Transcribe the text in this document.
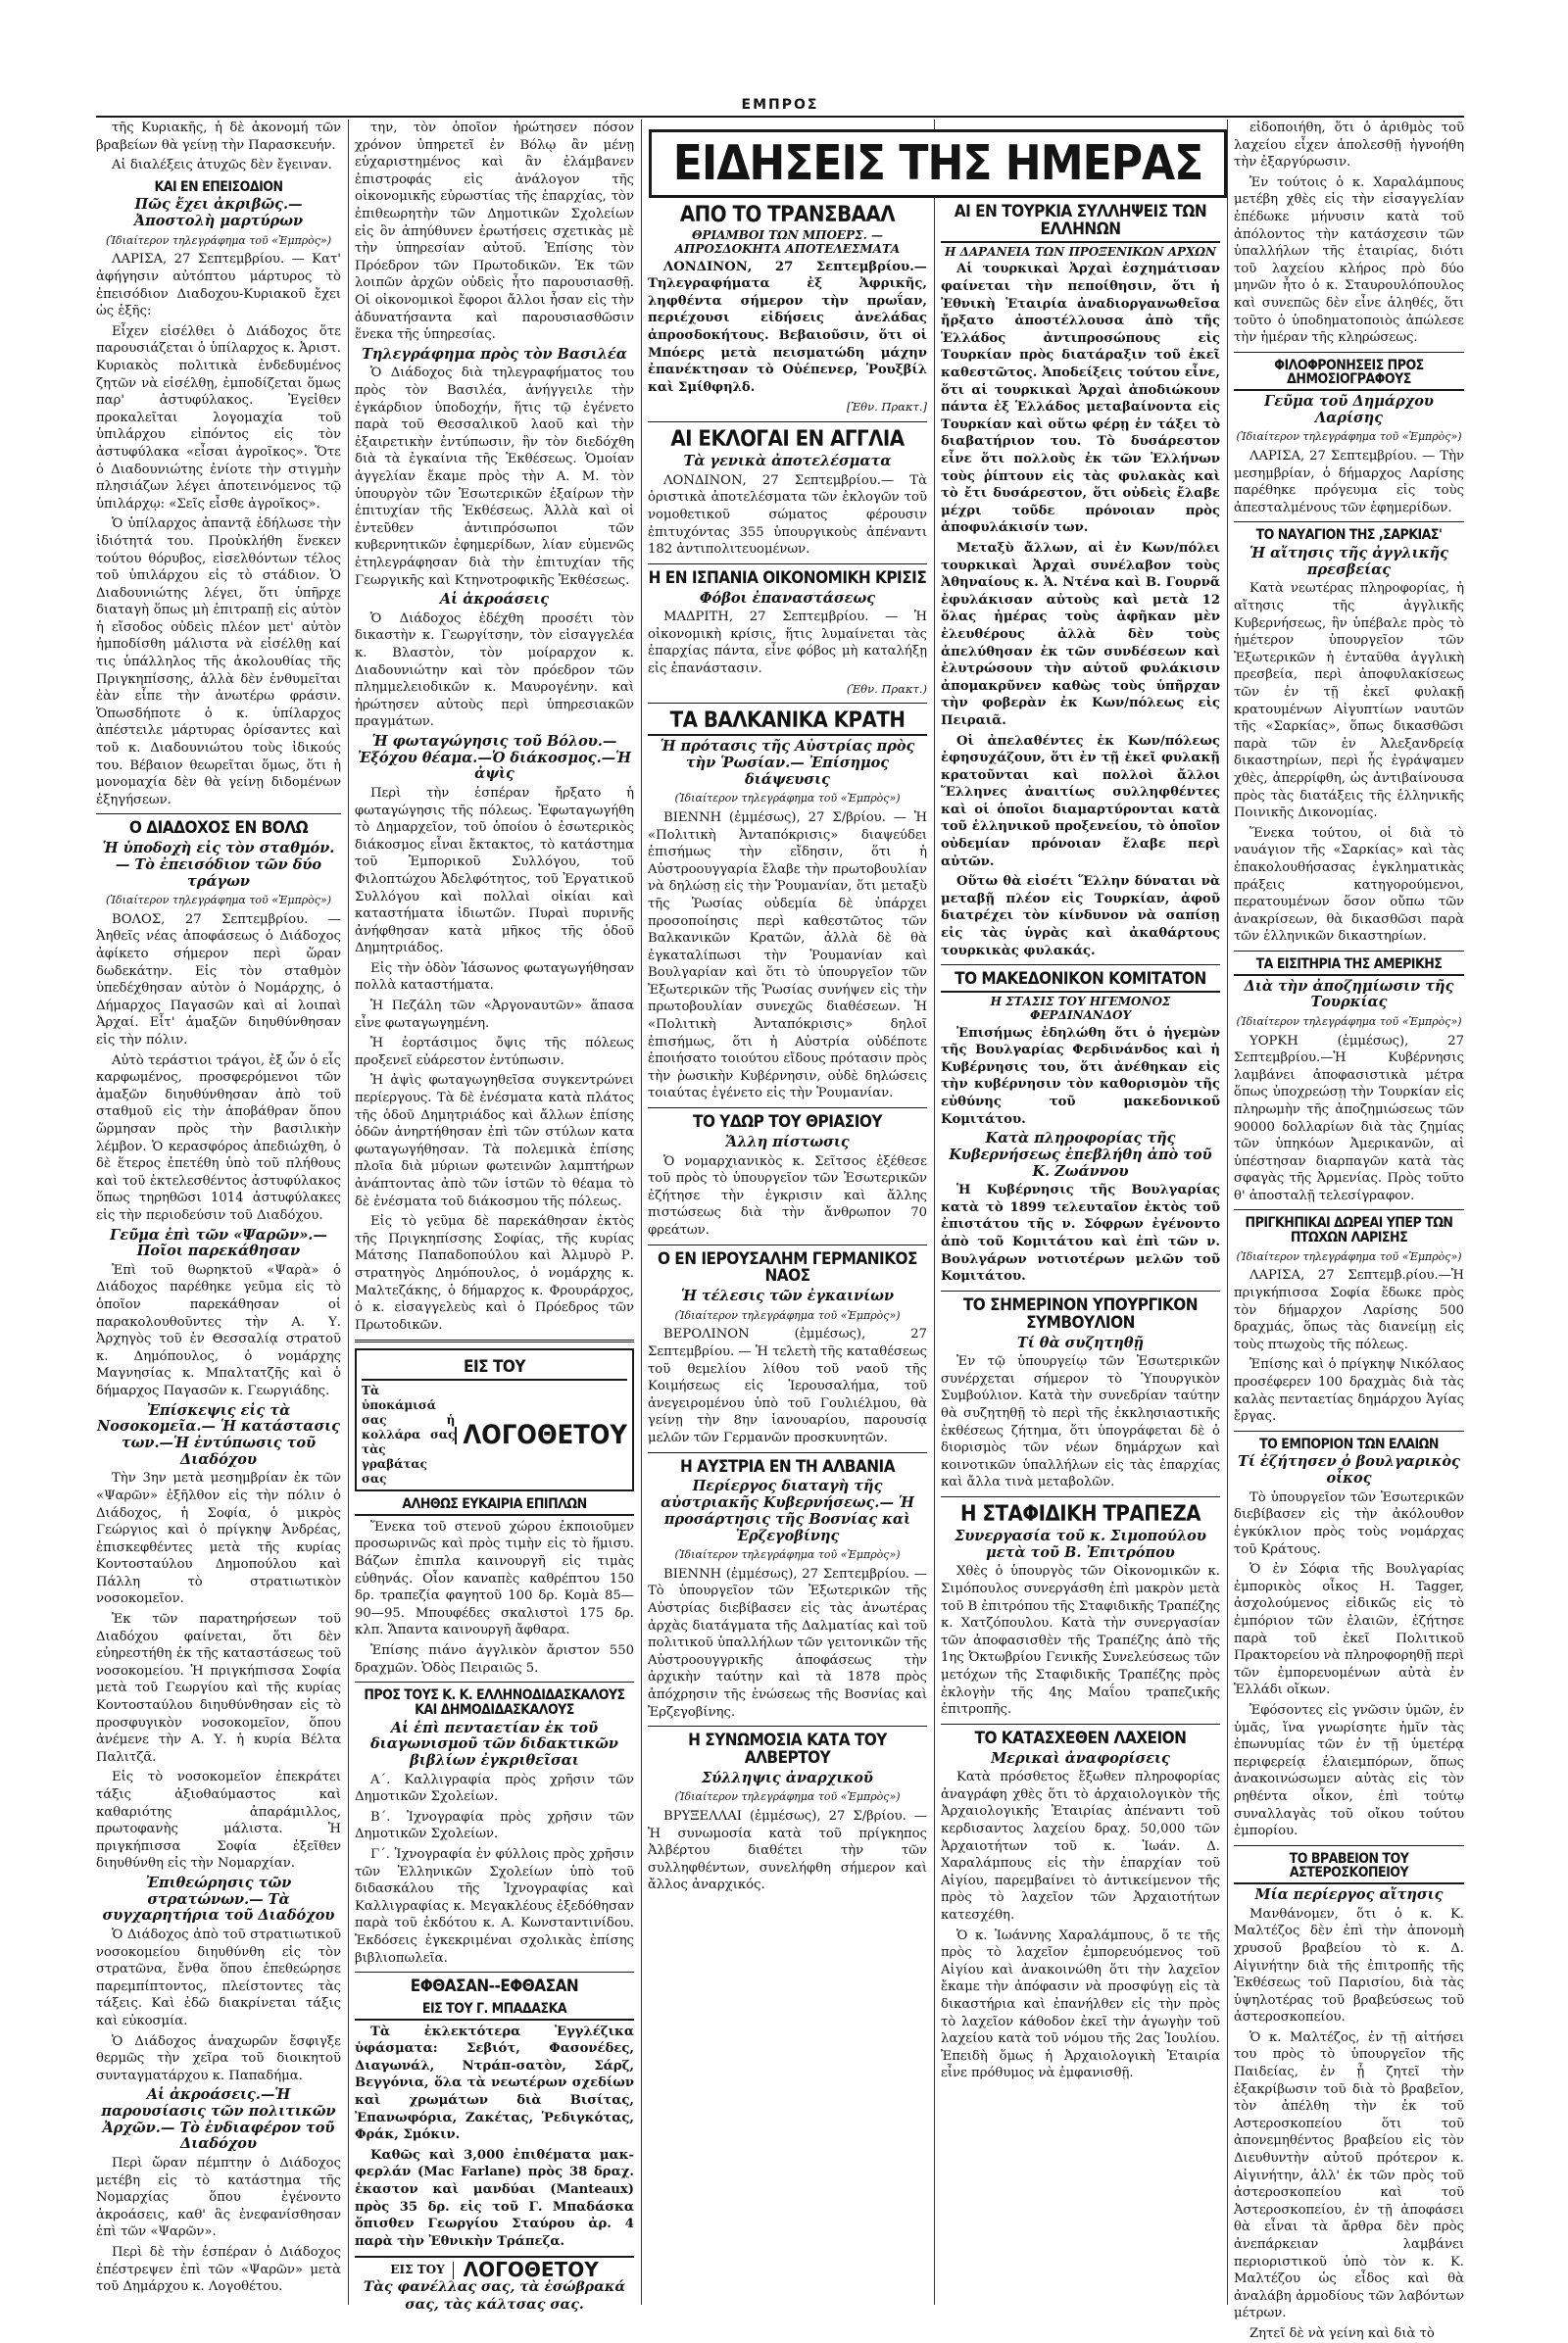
ΕΜΠΡΟΣ

τῆς Κυριακῆς, ἡ δὲ ἀκονομή τῶν βραβείων θὰ γείνῃ τὴν Παρασκευήν.

Αἱ διαλέξεις ἀτυχῶς δὲν ἔγειναν.

ΚΑΙ ΕΝ ΕΠΕΙΣΟΔΙΟΝ
Πῶς ἔχει ἀκριβῶς.—Ἀποστολὴ μαρτύρων
(Ἰδιαίτερον τηλεγράφημα τοῦ «Ἐμπρὸς»)

ΛΑΡΙΣΑ, 27 Σεπτεμβρίου. — Κατ' ἀφήγησιν αὐτόπτου μάρτυρος τὸ ἐπεισόδιον Διαδοχου-Κυριακοῦ ἔχει ὡς ἑξῆς:

Εἶχεν εἰσέλθει ὁ Διάδοχος ὅτε παρουσιάζεται ὁ ὑπίλαρχος κ. Ἀριστ. Κυριακὸς πολιτικὰ ἐνδεδυμένος ζητῶν νὰ εἰσέλθῃ, ἐμποδίζεται ὅμως παρ' ἀστυφύλακος. Ἐγεἰθεν προκαλεῖται λογομαχία τοῦ ὑπιλάρχου εἰπόντος εἰς τὸν ἀστυφύλακα «εἶσαι ἀγροῖκος». Ὅτε ὁ Διαδουνιώτης ἐνίοτε τὴν στιγμὴν πλησιάζων λέγει ἀποτεινόμενος τῷ ὑπιλάρχῳ: «Σεῖς εἶσθε ἀγροῖκος».

Ὁ ὑπίλαρχος ἀπαντᾷ ἐδήλωσε τὴν ἰδιότητά του. Προὐκλήθη ἕνεκεν τούτου θόρυβος, εἰσελθόντων τέλος τοῦ ὑπιλάρχου εἰς τὸ στάδιον. Ὁ Διαδουνιώτης λέγει, ὅτι ὑπῆρχε διαταγὴ ὅπως μὴ ἐπιτραπῇ εἰς αὐτὸν ἡ εἴσοδος οὐδεὶς πλέον μετ' αὐτὸν ἠμποδίσθη μάλιστα νὰ εἰσέλθῃ καί τις ὑπάλληλος τῆς ἀκολουθίας τῆς Πριγκηπίσσης, ἀλλὰ δὲν ἐνθυμεῖται ἐὰν εἶπε τὴν ἀνωτέρω φράσιν. Ὁπωσδήποτε ὁ κ. ὑπίλαρχος ἀπέστειλε μάρτυρας ὁρίσαντες καὶ τοῦ κ. Διαδουνιώτου τοὺς ἰδικούς του. Βέβαιον θεωρεῖται ὅμως, ὅτι ἡ μονομαχία δὲν θὰ γείνῃ διδομένων ἐξηγήσεων.

Ο ΔΙΑΔΟΧΟΣ ΕΝ ΒΟΛΩ
Ἡ ὑποδοχὴ εἰς τὸν σταθμόν.— Τὸ ἐπεισόδιον τῶν δύο τράγων
(Ἰδιαίτερον τηλεγράφημα τοῦ «Ἐμπρὸς»)

ΒΟΛΟΣ, 27 Σεπτεμβρίου. — Ἀηθεῖς νέας ἀποφάσεως ὁ Διάδοχος ἀφίκετο σήμερον περὶ ὥραν δωδεκάτην. Εἰς τὸν σταθμὸν ὑπεδέχθησαν αὐτὸν ὁ Νομάρχης, ὁ Δήμαρχος Παγασῶν καὶ αἱ λοιπαὶ Ἀρχαί. Εἶτ' ἁμαξῶν διηυθύνθησαν εἰς τὴν πόλιν.

Αὐτὸ τεράστιοι τράγοι, ἐξ ὧν ὁ εἷς καρφωμένος, προσφερόμενοι τῶν ἁμαξῶν διηυθύνθησαν ἀπὸ τοῦ σταθμοῦ εἰς τὴν ἀποβάθραν ὅπου ὥρμησαν πρὸς τὴν βασιλικὴν λέμβον. Ὁ κερασφόρος ἀπεδιώχθη, ὁ δὲ ἕτερος ἐπετέθη ὑπὸ τοῦ πλήθους καὶ τοῦ ἐκτελεσθέντος ἀστυφύλακος ὅπως τηρηθῶσι 1014 ἀστυφύλακες εἰς τὴν περιοδεύσιν τοῦ Διαδόχου.

Γεῦμα ἐπὶ τῶν «Ψαρῶν».— Ποῖοι παρεκάθησαν

Ἐπὶ τοῦ θωρηκτοῦ «Ψαρὰ» ὁ Διάδοχος παρέθηκε γεῦμα εἰς τὸ ὁποῖον παρεκάθησαν οἱ παρακολουθοῦντες τὴν Α. Υ. Ἀρχηγὸς τοῦ ἐν Θεσσαλίᾳ στρατοῦ κ. Δημόπουλος, ὁ νομάρχης Μαγνησίας κ. Μπαλτατζῆς καὶ ὁ δήμαρχος Παγασῶν κ. Γεωργιάδης.

Ἐπίσκεψις εἰς τὰ Νοσοκομεῖα.— Ἡ κατάστασις των.—Ἡ ἐντύπωσις τοῦ Διαδόχου

Τὴν 3ην μετὰ μεσημβρίαν ἐκ τῶν «Ψαρῶν» ἐξῆλθον εἰς τὴν πόλιν ὁ Διάδοχος, ἡ Σοφία, ὁ μικρὸς Γεώργιος καὶ ὁ πρίγκηψ Ἀνδρέας, ἐπισκεφθέντες μετὰ τῆς κυρίας Κοντοσταύλου Δημοπούλου καὶ Πάλλη τὸ στρατιωτικὸν νοσοκομεῖον.

Ἐκ τῶν παρατηρήσεων τοῦ Διαδόχου φαίνεται, ὅτι δὲν εὐηρεστήθη ἐκ τῆς καταστάσεως τοῦ νοσοκομείου. Ἡ πριγκήπισσα Σοφία μετὰ τοῦ Γεωργίου καὶ τῆς κυρίας Κοντοσταύλου διηυθύνθησαν εἰς τὸ προσφυγικὸν νοσοκομεῖον, ὅπου ἀνέμενε τὴν Α. Υ. ἡ κυρία Βέλτα Παλιτζᾶ.

Εἰς τὸ νοσοκομεῖον ἐπεκράτει τάξις ἀξιοθαύμαστος καὶ καθαριότης ἀπαράμιλλος, πρωτοφανὴς μάλιστα. Ἡ πριγκήπισσα Σοφία ἐξεῖθεν διηυθύνθη εἰς τὴν Νομαρχίαν.

Ἐπιθεώρησις τῶν στρατώνων.— Τὰ συγχαρητήρια τοῦ Διαδόχου

Ὁ Διάδοχος ἀπὸ τοῦ στρατιωτικοῦ νοσοκομείου διηυθύνθη εἰς τὸν στρατῶνα, ἔνθα ὅπου ἐπεθεώρησε παρεμπίπτοντος, πλείστοντες τὰς τάξεις. Καὶ ἐδῶ διακρίνεται τάξις καὶ εὐκοσμία.

Ὁ Διάδοχος ἀναχωρῶν ἔσφιγξε θερμῶς τὴν χεῖρα τοῦ διοικητοῦ συνταγματάρχου κ. Παπαδήμα.

Αἱ ἀκροάσεις.—Ἡ παρουσίασις τῶν πολιτικῶν Ἀρχῶν.— Τὸ ἐνδιαφέρον τοῦ Διαδόχου

Περὶ ὥραν πέμπτην ὁ Διάδοχος μετέβη εἰς τὸ κατάστημα τῆς Νομαρχίας ὅπου ἐγένοντο ἀκροάσεις, καθ' ἃς ἐνεφανίσθησαν ἐπὶ τῶν «Ψαρῶν».

Περὶ δὲ τὴν ἑσπέραν ὁ Διάδοχος ἐπέστρεψεν ἐπὶ τῶν «Ψαρῶν» μετὰ τοῦ Δημάρχου κ. Λογοθέτου.

την, τὸν ὁποῖον ἠρώτησεν πόσον χρόνον ὑπηρετεῖ ἐν Βόλῳ ἂν μένῃ εὐχαριστημένος καὶ ἂν ἐλάμβανεν ἐπιστροφάς εἰς ἀνάλογον τῆς οἰκονομικῆς εὐρωστίας τῆς ἐπαρχίας, τὸν ἐπιθεωρητὴν τῶν Δημοτικῶν Σχολείων εἰς ὃν ἀπηύθυνεν ἐρωτήσεις σχετικὰς μὲ τὴν ὑπηρεσίαν αὐτοῦ. Ἐπίσης τὸν Πρόεδρον τῶν Πρωτοδικῶν. Ἐκ τῶν λοιπῶν ἀρχῶν οὐδεὶς ἦτο παρουσιασθῇ. Οἱ οἰκονομικοὶ ἔφοροι ἄλλοι ἦσαν εἰς τὴν ἀδυνατήσαντα καὶ παρουσιασθῶσιν ἕνεκα τῆς ὑπηρεσίας.

Τηλεγράφημα πρὸς τὸν Βασιλέα

Ὁ Διάδοχος διὰ τηλεγραφήματος του πρὸς τὸν Βασιλέα, ἀνήγγειλε τὴν ἐγκάρδιον ὑποδοχήν, ἥτις τῷ ἐγένετο παρὰ τοῦ Θεσσαλικοῦ λαοῦ καὶ τὴν ἐξαιρετικὴν ἐντύπωσιν, ἣν τὸν διεδόχθη διὰ τὰ ἐγκαίνια τῆς Ἐκθέσεως. Ὁμοίαν ἀγγελίαν ἔκαμε πρὸς τὴν Α. Μ. τὸν ὑπουργὸν τῶν Ἐσωτερικῶν ἐξαίρων τὴν ἐπιτυχίαν τῆς Ἐκθέσεως. Ἀλλὰ καὶ οἱ ἐντεῦθεν ἀντιπρόσωποι τῶν κυβερνητικῶν ἐφημερίδων, λίαν εὐμενῶς ἐτηλεγράφησαν διὰ τὴν ἐπιτυχίαν τῆς Γεωργικῆς καὶ Κτηνοτροφικῆς Ἐκθέσεως.

Αἱ ἀκροάσεις

Ὁ Διάδοχος ἐδέχθη προσέτι τὸν δικαστὴν κ. Γεωργίτσην, τὸν εἰσαγγελέα κ. Βλαστὸν, τὸν μοίραρχον κ. Διαδουνιώτην καὶ τὸν πρόεδρον τῶν πλημμελειοδικῶν κ. Μαυρογένην. καὶ ἠρώτησεν αὐτοὺς περὶ ὑπηρεσιακῶν πραγμάτων.

Ἡ φωταγώγησις τοῦ Βόλου.— Ἐξόχου θέαμα.—Ὁ διάκοσμος.—Ἡ ἀψὶς

Περὶ τὴν ἑσπέραν ἤρξατο ἡ φωταγώγησις τῆς πόλεως. Ἐφωταγωγήθη τὸ Δημαρχεῖον, τοῦ ὁποίου ὁ ἐσωτερικὸς διάκοσμος εἶναι ἔκτακτος, τὸ κατάστημα τοῦ Ἐμπορικοῦ Συλλόγου, τοῦ Φιλοπτώχου Ἀδελφότητος, τοῦ Ἐργατικοῦ Συλλόγου καὶ πολλαὶ οἰκίαι καὶ καταστήματα ἰδιωτῶν. Πυραὶ πυρινῆς ἀνήφθησαν κατὰ μῆκος τῆς ὁδοῦ Δημητριάδος.

Εἰς τὴν ὁδὸν Ἰάσωνος φωταγωγήθησαν πολλὰ καταστήματα.

Ἡ Πεζάλη τῶν «Ἀργοναυτῶν» ἅπασα εἶνε φωταγωγημένη.

Ἡ ἑορτάσιμος ὄψις τῆς πόλεως προξενεῖ εὐάρεστον ἐντύπωσιν.

Ἡ ἀψὶς φωταγωγηθεῖσα συγκεντρώνει περίεργους. Τὰ δὲ ἐνέσματα κατὰ πλάτος τῆς ὁδοῦ Δημητριάδος καὶ ἄλλων ἐπίσης ὁδῶν ἀνηρτήθησαν ἐπὶ τῶν στύλων κατα φωταγωγήθησαν. Τὰ πολεμικὰ ἐπίσης πλοῖα διὰ μύριων φωτεινῶν λαμπτήρων ἀνάπτοντας ἀπὸ τῶν ἱστῶν τὸ θέαμα τὸ δὲ ἐνέσματα τοῦ διάκοσμου τῆς πόλεως.

Εἰς τὸ γεῦμα δὲ παρεκάθησαν ἐκτὸς τῆς Πριγκηπίσσης Σοφίας, τῆς κυρίας Μάτσης Παπαδοπούλου καὶ Ἀλμυρὸ Ρ. στρατηγὸς Δημόπουλος, ὁ νομάρχης κ. Μαλτεζάκης, ὁ δήμαρχος κ. Φρουράρχος, ὁ κ. εἰσαγγελεὺς καὶ ὁ Πρόεδρος τῶν Πρωτοδικῶν.

ΕΙΣ ΤΟΥ
Τὰ ὑποκάμισά σας ἡ κολλάρα σας τὰς γραβάτας σας
ΛΟΓΟΘΕΤΟΥ
ΑΛΗΘΩΣ ΕΥΚΑΙΡΙΑ ΕΠΙΠΛΩΝ

Ἕνεκα τοῦ στενοῦ χώρου ἐκποιοῦμεν προσωρινῶς καὶ πρὸς τιμὴν εἰς τὸ ἥμισυ. Βάζων ἐπιπλα καινουργῆ εἰς τιμὰς εὐθηνάς. Οἶον καναπὲς καθρέπτου 150 δρ. τραπεζία φαγητοῦ 100 δρ. Κομὰ 85—90—95. Μπουφέδες σκαλιστοὶ 175 δρ. κλπ. Ἅπαντα καινουργῆ ἄφθαρα.

Ἐπίσης πιάνο ἀγγλικὸν ἄριστον 550 δραχμῶν. Ὁδὸς Πειραιῶς 5.

ΠΡΟΣ ΤΟΥΣ Κ. Κ. ΕΛΛΗΝΟΔΙΔΑΣΚΑΛΟΥΣ ΚΑΙ ΔΗΜΟΔΙΔΑΣΚΑΛΟΥΣ
Αἱ ἐπὶ πενταετίαν ἐκ τοῦ διαγωνισμοῦ τῶν διδακτικῶν βιβλίων ἐγκριθεῖσαι

Α΄. Καλλιγραφία πρὸς χρῆσιν τῶν Δημοτικῶν Σχολείων.

Β΄. Ἰχνογραφία πρὸς χρῆσιν τῶν Δημοτικῶν Σχολείων.

Γ΄. Ἰχνογραφία ἐν φύλλοις πρὸς χρῆσιν τῶν Ἑλληνικῶν Σχολείων ὑπὸ τοῦ διδασκάλου τῆς Ἰχνογραφίας καὶ Καλλιγραφίας κ. Μεγακλέους ἐξεδόθησαν παρὰ τοῦ ἐκδότου κ. Α. Κωνσταντινίδου. Ἐκδόσεις ἐγκεκριμέναι σχολικὰς ἐπίσης βιβλιοπωλεῖα.

ΕΦΘΑΣΑΝ--ΕΦΘΑΣΑΝ
ΕΙΣ ΤΟΥ Γ. ΜΠΑΔΑΣΚΑ

Τὰ ἐκλεκτότερα Ἐγγλέζικα ὑφάσματα: Σεβιότ, Φασονέδες, Διαγωνάλ, Ντράπ-σατὸν, Σάρζ, Βεγγόνια, ὅλα τὰ νεωτέρων σχεδίων καὶ χρωμάτων διὰ Βισίτας, Ἐπανωφόρια, Ζακέτας, Ῥεδιγκότας, Φράκ, Σμόκιν.

Καθῶς καὶ 3,000 ἐπιθέματα μακ-φερλάν (Mac Farlane) πρὸς 38 δραχ. ἑκαστον καὶ μανδύαι (Manteaux) πρὸς 35 δρ. εἰς τοῦ Γ. Μπαδάσκα ὅπισθεν Γεωργίου Σταύρου ἀρ. 4 παρὰ τὴν Ἐθνικὴν Τράπεζα.

ΕΙΣ ΤΟΥ ΛΟΓΟΘΕΤΟΥ

Τὰς φανέλλας σας, τὰ ἐσώβρακά σας, τὰς κάλτσας σας.

ΕΙΔΗΣΕΙΣ ΤΗΣ ΗΜΕΡΑΣ
ΑΠΟ ΤΟ ΤΡΑΝΣΒΑΑΛ
ΘΡΙΑΜΒΟΙ ΤΩΝ ΜΠΟΕΡΣ. — ΑΠΡΟΣΔΟΚΗΤΑ ΑΠΟΤΕΛΕΣΜΑΤΑ

ΛΟΝΔΙΝΟΝ, 27 Σεπτεμβρίου.— Τηλεγραφήματα ἐξ Ἀφρικῆς, ληφθέντα σήμερον τὴν πρωΐαν, περιέχουσι εἰδήσεις ἀνελάδας ἀπροσδοκήτους. Βεβαιοῦσιν, ὅτι οἱ Μπόερς μετὰ πεισματώδη μάχην ἐπανέκτησαν τὸ Οὐέπενερ, Ῥουξβίλ καὶ Σμίθφηλδ.

[Ἐθν. Πρακτ.]
ΑΙ ΕΚΛΟΓΑΙ ΕΝ ΑΓΓΛΙΑ
Τὰ γενικὰ ἀποτελέσματα

ΛΟΝΔΙΝΟΝ, 27 Σεπτεμβρίου.— Τὰ ὁριστικὰ ἀποτελέσματα τῶν ἐκλογῶν τοῦ νομοθετικοῦ σώματος φέρουσιν ἐπιτυχόντας 355 ὑπουργικοὺς ἀπέναντι 182 ἀντιπολιτευομένων.

Η ΕΝ ΙΣΠΑΝΙΑ ΟΙΚΟΝΟΜΙΚΗ ΚΡΙΣΙΣ
Φόβοι ἐπαναστάσεως

ΜΑΔΡΙΤΗ, 27 Σεπτεμβρίου. — Ἡ οἰκονομικὴ κρίσις, ἥτις λυμαίνεται τὰς ἐπαρχίας πάντα, εἶνε φόβος μὴ καταλήξῃ εἰς ἐπανάστασιν.

(Ἐθν. Πρακτ.)
ΤΑ ΒΑΛΚΑΝΙΚΑ ΚΡΑΤΗ
Ἡ πρότασις τῆς Αὐστρίας πρὸς τὴν Ῥωσίαν.— Ἐπίσημος διάψευσις
(Ἰδιαίτερον τηλεγράφημα τοῦ «Ἐμπρὸς»)

ΒΙΕΝΝΗ (ἐμμέσως), 27 Σ/βρίου. — Ἡ «Πολιτικὴ Ἀνταπόκρισις» διαψεύδει ἐπισήμως τὴν εἴδησιν, ὅτι ἡ Αὐστροουγγαρία ἔλαβε τὴν πρωτοβουλίαν νὰ δηλώσῃ εἰς τὴν Ῥουμανίαν, ὅτι μεταξὺ τῆς Ῥωσίας οὐδεμία δὲ ὑπάρχει προσοποίησις περὶ καθεστῶτος τῶν Βαλκανικῶν Κρατῶν, ἀλλὰ δὲ θὰ ἐγκαταλίπωσι τὴν Ῥουμανίαν καὶ Βουλγαρίαν καὶ ὅτι τὸ ὑπουργεῖον τῶν Ἐξωτερικῶν τῆς Ῥωσίας συνήψεν εἰς τὴν πρωτοβουλίαν συνεχῶς διαθέσεων. Ἡ «Πολιτικὴ Ἀνταπόκρισις» δηλοῖ ἐπισήμως, ὅτι ἡ Αὐστρία οὐδέποτε ἐποιήσατο τοιούτου εἴδους πρότασιν πρὸς τὴν ῥωσικὴν Κυβέρνησιν, οὐδὲ δηλώσεις τοιαύτας ἐγένετο εἰς τὴν Ῥουμανίαν.

ΤΟ ΥΔΩΡ ΤΟΥ ΘΡΙΑΣΙΟΥ
Ἄλλη πίστωσις

Ὁ νομαρχιανικὸς κ. Σεῖτσος ἐξέθεσε τοῦ πρὸς τὸ ὑπουργεῖον τῶν Ἐσωτερικῶν ἐζήτησε τὴν ἐγκρισιν καὶ ἄλλης πιστώσεως διὰ τὴν ἄνθρωπον 70 φρεάτων.

Ο ΕΝ ΙΕΡΟΥΣΑΛΗΜ ΓΕΡΜΑΝΙΚΟΣ ΝΑΟΣ
Ἡ τέλεσις τῶν ἐγκαινίων
(Ἰδιαίτερον τηλεγράφημα τοῦ «Ἐμπρὸς»)

ΒΕΡΟΛΙΝΟΝ (ἐμμέσως), 27 Σεπτεμβρίου. — Ἡ τελετὴ τῆς καταθέσεως τοῦ θεμελίου λίθου τοῦ ναοῦ τῆς Κοιμήσεως εἰς Ἱερουσαλήμα, τοῦ ἀνεγειρομένου ὑπὸ τοῦ Γουλιέλμου, θὰ γείνῃ τὴν 8ην ἰανουαρίου, παρουσίᾳ μελῶν τῶν Γερμανῶν προσκυνητῶν.

Η ΑΥΣΤΡΙΑ ΕΝ ΤΗ ΑΛΒΑΝΙΑ
Περίεργος διαταγὴ τῆς αὐστριακῆς Κυβερνήσεως.— Ἡ προσάρτησις τῆς Βοσνίας καὶ Ἐρζεγοβίνης
(Ἰδιαίτερον τηλεγράφημα τοῦ «Ἐμπρὸς»)

ΒΙΕΝΝΗ (ἐμμέσως), 27 Σεπτεμβρίου. —Τὸ ὑπουργεῖον τῶν Ἐξωτερικῶν τῆς Αὐστρίας διεβίβασεν εἰς τὰς ἀνωτέρας ἀρχὰς διατάγματα τῆς Δαλματίας καὶ τοῦ πολιτικοῦ ὑπαλλήλων τῶν γειτονικῶν τῆς Αὐστροουγγρικῆς ἀποφάσεως τὴν ἀρχικὴν ταύτην καὶ τὰ 1878 πρὸς ἀπόχρησιν τῆς ἐνώσεως τῆς Βοσνίας καὶ Ἐρζεγοβίνης.

Η ΣΥΝΩΜΟΣΙΑ ΚΑΤΑ ΤΟΥ ΑΛΒΕΡΤΟΥ
Σύλληψις ἀναρχικοῦ
(Ἰδιαίτερον τηλεγράφημα τοῦ «Ἐμπρὸς»)

ΒΡΥΞΕΛΛΑΙ (ἐμμέσως), 27 Σ/βρίου. — Ἡ συνωμοσία κατὰ τοῦ πρίγκηπος Ἀλβέρτου διαθέτει τὴν τῶν συλληφθέντων, συνελήφθη σήμερον καὶ ἄλλος ἀναρχικός.

ΑΙ ΕΝ ΤΟΥΡΚΙΑ ΣΥΛΛΗΨΕΙΣ ΤΩΝ ΕΛΛΗΝΩΝ
Η ΔΑΡΑΝΕΙΑ ΤΩΝ ΠΡΟΞΕΝΙΚΩΝ ΑΡΧΩΝ

Αἱ τουρκικαὶ Ἀρχαὶ ἐσχημάτισαν φαίνεται τὴν πεποίθησιν, ὅτι ἡ Ἐθνικὴ Ἑταιρία ἀναδιοργανωθεῖσα ἤρξατο ἀποστέλλουσα ἀπὸ τῆς Ἑλλάδος ἀντιπροσώπους εἰς Τουρκίαν πρὸς διατάραξιν τοῦ ἐκεῖ καθεστῶτος. Ἀποδείξεις τούτου εἶνε, ὅτι αἱ τουρκικαὶ Ἀρχαὶ ἀποδιώκουν πάντα ἐξ Ἑλλάδος μεταβαίνοντα εἰς Τουρκίαν καὶ οὕτω φέρῃ ἐν τάξει τὸ διαβατήριον του. Τὸ δυσάρεστον εἶνε ὅτι πολλοὺς ἐκ τῶν Ἑλλήνων τοὺς ῥίπτουν εἰς τὰς φυλακὰς καὶ τὸ ἔτι δυσάρεστον, ὅτι οὐδεὶς ἔλαβε μέχρι τοῦδε πρόνοιαν πρὸς ἀποφυλάκισίν των.

Μεταξὺ ἄλλων, αἱ ἐν Κων/πόλει τουρκικαὶ Ἀρχαὶ συνέλαβον τοὺς Ἀθηναίους κ. Ἀ. Ντένα καὶ Β. Γουρνᾶ ἐφυλάκισαν αὐτοὺς καὶ μετὰ 12 ὅλας ἡμέρας τοὺς ἀφῆκαν μὲν ἐλευθέρους ἀλλὰ δὲν τοὺς ἀπελύθησαν ἐκ τῶν συνδέσεων καὶ ἐλυτρώσουν τὴν αὐτοῦ φυλάκισιν ἀπομακρῦνεν καθὼς τοὺς ὑπῆρχαν τὴν φοβερὰν ἐκ Κων/πόλεως εἰς Πειραιᾶ.

Οἱ ἀπελαθέντες ἐκ Κων/πόλεως ἐφησυχάζουν, ὅτι ἐν τῇ ἐκεῖ φυλακῇ κρατοῦνται καὶ πολλοὶ ἄλλοι Ἕλληνες ἀναιτίως συλληφθέντες καὶ οἱ ὁποῖοι διαμαρτύρονται κατὰ τοῦ ἑλληνικοῦ προξενείου, τὸ ὁποῖον οὐδεμίαν πρόνοιαν ἔλαβε περὶ αὐτῶν.

Οὕτω θὰ εἰσέτι Ἕλλην δύναται νὰ μεταβῇ πλέον εἰς Τουρκίαν, ἀφοῦ διατρέχει τὸν κίνδυνον νὰ σαπίσῃ εἰς τὰς ὑγρὰς καὶ ἀκαθάρτους τουρκικὰς φυλακάς.

ΤΟ ΜΑΚΕΔΟΝΙΚΟΝ ΚΟΜΙΤΑΤΟΝ
Η ΣΤΑΣΙΣ ΤΟΥ ΗΓΕΜΟΝΟΣ ΦΕΡΔΙΝΑΝΔΟΥ

Ἐπισήμως ἐδηλώθη ὅτι ὁ ἡγεμὼν τῆς Βουλγαρίας Φερδινάνδος καὶ ἡ Κυβέρνησις του, ὅτι ἀνέθηκαν εἰς τὴν κυβέρνησιν τὸν καθορισμὸν τῆς εὐθύνης τοῦ μακεδονικοῦ Κομιτάτου.

Κατὰ πληροφορίας τῆς Κυβερνήσεως ἐπεβλήθη ἀπὸ τοῦ Κ. Ζωάννου

Ἡ Κυβέρνησις τῆς Βουλγαρίας κατὰ τὸ 1899 τελευταῖον ἐκτὸς τοῦ ἐπιστάτου τῆς ν. Σόφρων ἐγένοντο ἀπὸ τοῦ Κομιτάτου καὶ ἐπὶ τῶν ν. Βουλγάρων νοτιοτέρων μελῶν τοῦ Κομιτάτου.

ΤΟ ΣΗΜΕΡΙΝΟΝ ΥΠΟΥΡΓΙΚΟΝ ΣΥΜΒΟΥΛΙΟΝ
Τί θὰ συζητηθῇ

Ἐν τῷ ὑπουργείῳ τῶν Ἐσωτερικῶν συνέρχεται σήμερον τὸ Ὑπουργικὸν Συμβούλιον. Κατὰ τὴν συνεδρίαν ταύτην θὰ συζητηθῇ τὸ περὶ τῆς ἐκκλησιαστικῆς ἐκθέσεως ζήτημα, ὅτι ὑπογράφεται δὲ ὁ διορισμὸς τῶν νέων δημάρχων καὶ κοινοτικῶν ὑπαλλήλων εἰς τὰς ἐπαρχίας καὶ ἄλλα τινὰ μεταβολῶν.

Η ΣΤΑΦΙΔΙΚΗ ΤΡΑΠΕΖΑ
Συνεργασία τοῦ κ. Σιμοπούλου μετὰ τοῦ Β. Ἐπιτρόπου

Χθὲς ὁ ὑπουργὸς τῶν Οἰκονομικῶν κ. Σιμόπουλος συνεργάσθη ἐπὶ μακρὸν μετὰ τοῦ Β ἐπιτρόπου τῆς Σταφιδικῆς Τραπέζης κ. Χατζόπουλου. Κατὰ τὴν συνεργασίαν τῶν ἀποφασισθὲν τῆς Τραπέζης ἀπὸ τῆς 1ης Ὀκτωβρίου Γενικῆς Συνελεύσεως τῶν μετόχων τῆς Σταφιδικῆς Τραπέζης πρὸς ἐκλογὴν τῆς 4ης Μαΐου τραπεζικῆς ἐπιτροπῆς.

ΤΟ ΚΑΤΑΣΧΕΘΕΝ ΛΑΧΕΙΟΝ
Μερικαὶ ἀναφορίσεις

Κατὰ πρόσθετος ἔξωθεν πληροφορίας ἀναγράφη χθὲς ὅτι τὸ ἀρχαιολογικὸν τῆς Ἀρχαιολογικῆς Ἑταιρίας ἀπέναντι τοῦ κερδισαντος λαχείου δραχ. 50,000 τῶν Ἀρχαιοτήτων τοῦ κ. Ἰωάν. Δ. Χαραλάμπους εἰς τὴν ἐπαρχίαν τοῦ Αἰγίου, παρεμβαίνει τὸ ἀντικείμενον τῆς πρὸς τὸ λαχεῖον τῶν Ἀρχαιοτήτων κατεσχέθη.

Ὁ κ. Ἰωάννης Χαραλάμπους, ὅ τε τῆς πρὸς τὸ λαχεῖον ἐμπορευόμενος τοῦ Αἰγίου καὶ ἀνακοινώθη ὅτι τὴν λαχεῖον ἔκαμε τὴν ἀπόφασιν νὰ προσφύγῃ εἰς τὰ δικαστήρια καὶ ἐπανήλθεν εἰς τὴν πρὸς τὸ λαχεῖον κάθοδον ἐκεῖ τὴν ἀγωγὴν τοῦ λαχείου κατὰ τοῦ νόμου τῆς 2ας Ἰουλίου. Ἐπειδὴ ὅμως ἡ Ἀρχαιολογικὴ Ἑταιρία εἶνε πρόθυμος νὰ ἐμφανισθῇ.

εἰδοποιήθη, ὅτι ὁ ἀριθμὸς τοῦ λαχείου εἶχεν ἀπολεσθῇ ἠγνοήθη τὴν ἐξαργύρωσιν.

Ἐν τούτοις ὁ κ. Χαραλάμπους μετέβη χθὲς εἰς τὴν εἰσαγγελίαν ἐπέδωκε μήνυσιν κατὰ τοῦ ἀπόλοντος τὴν κατάσχεσιν τῶν ὑπαλλήλων τῆς ἑταιρίας, διότι τοῦ λαχείου κλήρος πρὸ δύο μηνῶν ἦτο ὁ κ. Σταυρουλόπουλος καὶ συνεπῶς δὲν εἶνε ἀληθές, ὅτι τοῦτο ὁ ὑποδηματοποιὸς ἀπώλεσε τὴν ἡμέραν τῆς κληρώσεως.

ΦΙΛΟΦΡΟΝΗΣΕΙΣ ΠΡΟΣ ΔΗΜΟΣΙΟΓΡΑΦΟΥΣ
Γεῦμα τοῦ Δημάρχου Λαρίσης
(Ἰδιαίτερον τηλεγράφημα τοῦ «Ἐμπρὸς»)

ΛΑΡΙΣΑ, 27 Σεπτεμβρίου. — Τὴν μεσημβρίαν, ὁ δήμαρχος Λαρίσης παρέθηκε πρόγευμα εἰς τοὺς ἀπεσταλμένους τῶν ἐφημερίδων.

ΤΟ ΝΑΥΑΓΙΟΝ ΤΗΣ ,ΣΑΡΚΙΑΣ'
Ἡ αἴτησις τῆς ἀγγλικῆς πρεσβείας

Κατὰ νεωτέρας πληροφορίας, ἡ αἴτησις τῆς ἀγγλικῆς Κυβερνήσεως, ἣν ὑπέβαλε πρὸς τὸ ἡμέτερον ὑπουργεῖον τῶν Ἐξωτερικῶν ἡ ἐνταῦθα ἀγγλικὴ πρεσβεία, περὶ ἀποφυλακίσεως τῶν ἐν τῇ ἐκεῖ φυλακῇ κρατουμένων Αἰγυπτίων ναυτῶν τῆς «Σαρκίας», ὅπως δικασθῶσι παρὰ τῶν ἐν Ἀλεξανδρείᾳ δικαστηρίων, περὶ ἧς ἐγράψαμεν χθὲς, ἀπερρίφθη, ὡς ἀντιβαίνουσα πρὸς τὰς διατάξεις τῆς ἑλληνικῆς Ποινικῆς Δικονομίας.

Ἕνεκα τούτου, οἱ διὰ τὸ ναυάγιον τῆς «Σαρκίας» καὶ τὰς ἐπακολουθήσασας ἐγκληματικὰς πράξεις κατηγορούμενοι, περατουμένων ὅσον οὔπω τῶν ἀνακρίσεων, θὰ δικασθῶσι παρὰ τῶν ἑλληνικῶν δικαστηρίων.

ΤΑ ΕΙΣΙΤΗΡΙΑ ΤΗΣ ΑΜΕΡΙΚΗΣ
Διὰ τὴν ἀποζημίωσιν τῆς Τουρκίας
(Ἰδιαίτερον τηλεγράφημα τοῦ «Ἐμπρὸς»)

ΥΟΡΚΗ (ἐμμέσως), 27 Σεπτεμβρίου.—Ἡ Κυβέρνησις λαμβάνει ἀποφασιστικὰ μέτρα ὅπως ὑποχρεώσῃ τὴν Τουρκίαν εἰς πληρωμὴν τῆς ἀποζημιώσεως τῶν 90000 δολλαρίων διὰ τὰς ζημίας τῶν ὑπηκόων Ἀμερικανῶν, αἱ ὑπέστησαν διαρπαγῶν κατὰ τὰς σφαγὰς τῆς Ἀρμενίας. Πρὸς τοῦτο θ' ἀποσταλῇ τελεσίγραφον.

ΠΡΙΓΚΗΠΙΚΑΙ ΔΩΡΕΑΙ ΥΠΕΡ ΤΩΝ ΠΤΩΧΩΝ ΛΑΡΙΣΗΣ
(Ἰδιαίτερον τηλεγράφημα τοῦ «Ἐμπρὸς»)

ΛΑΡΙΣΑ, 27 Σεπτεμβ.ρίου.—Ἡ πριγκήπισσα Σοφία ἔδωκε πρὸς τὸν δήμαρχον Λαρίσης 500 δραχμάς, ὅπως τὰς διανείμῃ εἰς τοὺς πτωχοὺς τῆς πόλεως.

Ἐπίσης καὶ ὁ πρίγκηψ Νικόλαος προσέφερεν 100 δραχμὰς διὰ τὰς καλὰς πενταετίας δημάρχου Ἀγίας ἔργας.

ΤΟ ΕΜΠΟΡΙΟΝ ΤΩΝ ΕΛΑΙΩΝ
Τί ἐζήτησεν ὁ βουλγαρικὸς οἶκος

Τὸ ὑπουργεῖον τῶν Ἐσωτερικῶν διεβίβασεν εἰς τὴν ἀκόλουθον ἐγκύκλιον πρὸς τοὺς νομάρχας τοῦ Κράτους.

Ὁ ἐν Σόφια τῆς Βουλγαρίας ἐμπορικὸς οἶκος Η. Tagger, ἀσχολούμενος εἰδικῶς εἰς τὸ ἐμπόριον τῶν ἐλαιῶν, ἐζήτησε παρὰ τοῦ ἐκεῖ Πολιτικοῦ Πρακτορείου νὰ πληροφορηθῇ περὶ τῶν ἐμπορευομένων αὐτὰ ἐν Ἑλλάδι οἴκων.

Ἐφόσοντες εἰς γνῶσιν ὑμῶν, ἐν ὑμᾶς, ἵνα γνωρίσητε ἡμῖν τὰς ἐπωνυμίας τῶν ἐν τῇ ὑμετέρᾳ περιφερείᾳ ἐλαιεμπόρων, ὅπως ἀνακοινώσωμεν αὐτὰς εἰς τὸν ρηθέντα οἶκον, ἐπὶ τούτῳ συναλλαγὰς τοῦ οἴκου τούτου ἐμπορίου.

ΤΟ ΒΡΑΒΕΙΟΝ ΤΟΥ ΑΣΤΕΡΟΣΚΟΠΕΙΟΥ
Μία περίεργος αἴτησις

Μανθάνομεν, ὅτι ὁ κ. Κ. Μαλτέζος δὲν ἐπὶ τὴν ἀπονομὴ χρυσοῦ βραβείου τὸ κ. Δ. Αἰγινήτην διὰ τῆς ἐπιτροπῆς τῆς Ἐκθέσεως τοῦ Παρισίου, διὰ τὰς ὑψηλοτέρας τοῦ βραβεύσεως τοῦ ἀστεροσκοπείου.

Ὁ κ. Μαλτέζος, ἐν τῇ αἰτήσει του πρὸς τὸ ὑπουργεῖον τῆς Παιδείας, ἐν ᾗ ζητεῖ τὴν ἐξακρίβωσιν τοῦ διὰ τὸ βραβεῖον, τὸν ἀπέλθη τὴν ἐκ τοῦ Αστεροσκοπείου ὅτι τοῦ ἀπονεμηθέντος βραβείου εἰς τὸν Διευθυντὴν αὐτοῦ πρότερον κ. Αἰγινήτην, ἀλλ' ἐκ τῶν πρὸς τοῦ ἀστεροσκοπείου καὶ τοῦ Ἀστεροσκοπείου, ἐν τῇ ἀποφάσει θὰ εἶναι τὰ ἄρθρα δὲν πρὸς ἀνεπάρκειαν λαμβάνει περιοριστικοῦ ὑπὸ τὸν κ. Κ. Μαλτέζου ὡς εἶδος καὶ θὰ ἀναλάβη ἀρμοδίους τῶν λαβόντων μέτρων.

Ζητεῖ δὲ νὰ γείνη καὶ διὰ τὸ
